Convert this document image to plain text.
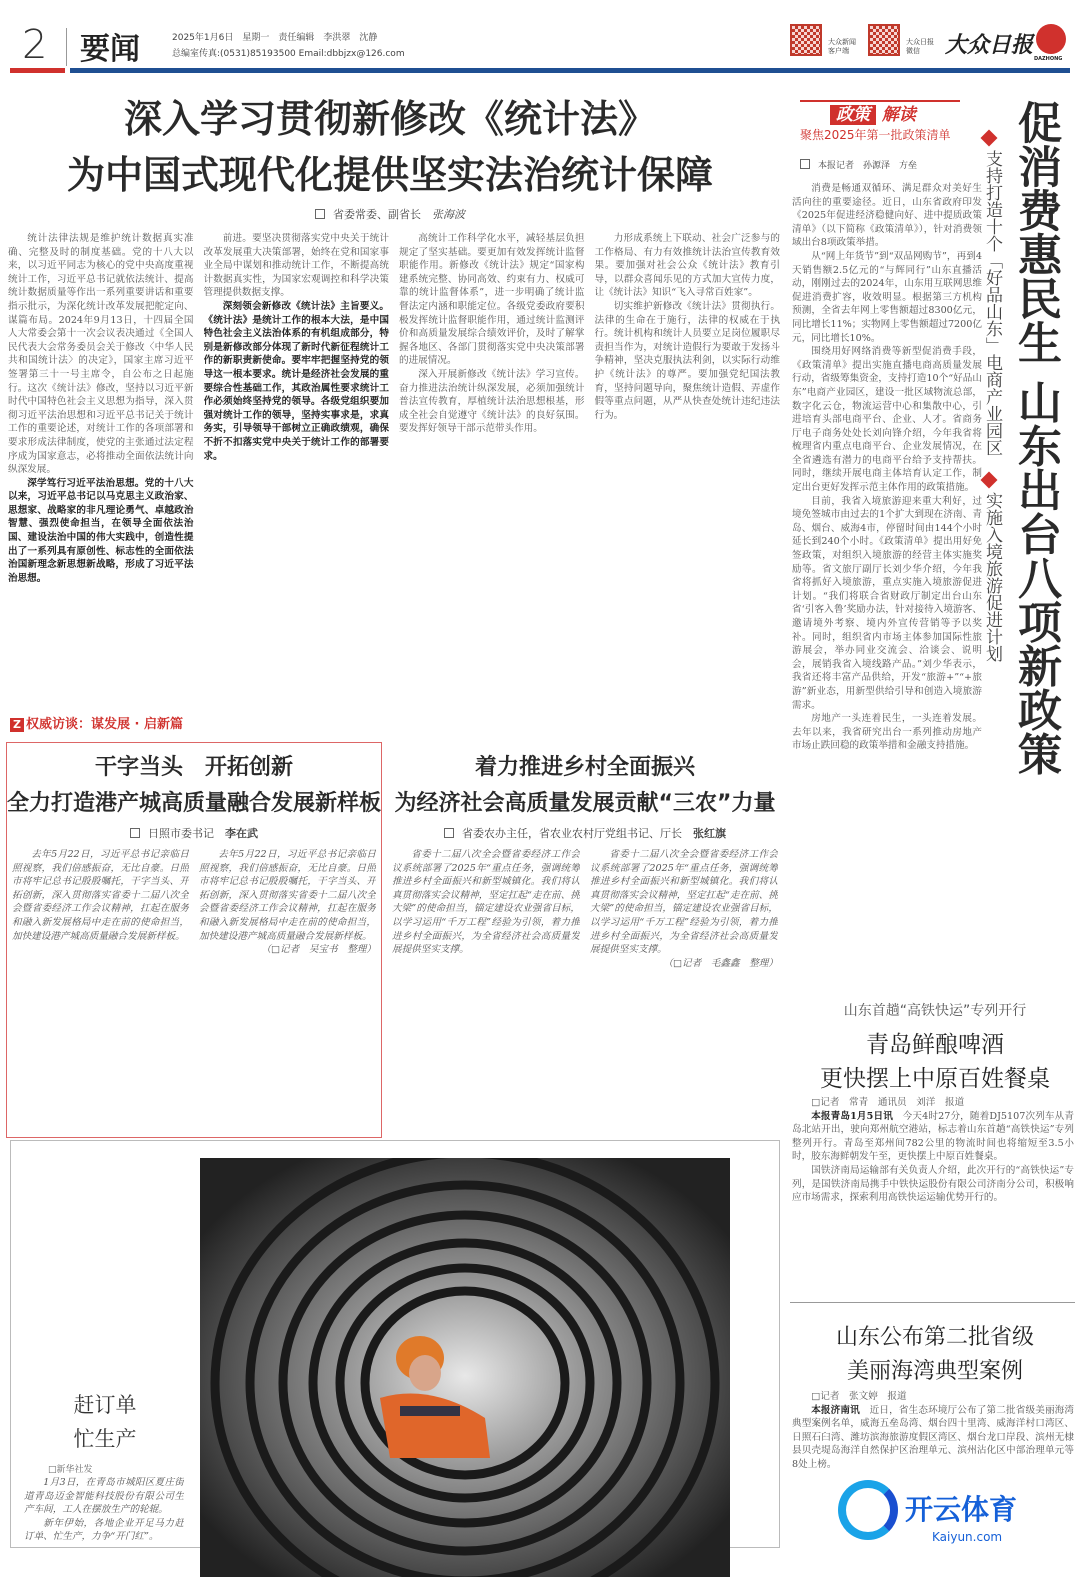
2 要闻	2025年1月6日　星期一　责任编辑　李洪翠　沈静
总编室传真:(0531)85193500 Email:dbbjzx@126.com
大众新闻客户端
大众日报微信	大众日报
DAZHONG
深入学习贯彻新修改《统计法》
为中国式现代化提供坚实法治统计保障
省委常委、副省长　 张海波

统计法律法规是维护统计数据真实准确、完整及时的制度基础。党的十八大以来，以习近平同志为核心的党中央高度重视统计工作，习近平总书记就依法统计、提高统计数据质量等作出一系列重要讲话和重要指示批示，为深化统计改革发展把舵定向、谋篇布局。2024年9月13日，十四届全国人大常委会第十一次会议表决通过《全国人民代表大会常务委员会关于修改〈中华人民共和国统计法〉的决定》，国家主席习近平签署第三十一号主席令，自公布之日起施行。这次《统计法》修改，坚持以习近平新时代中国特色社会主义思想为指导，深入贯彻习近平法治思想和习近平总书记关于统计工作的重要论述，对统计工作的各项部署和要求形成法律制度，使党的主张通过法定程序成为国家意志，必将推动全面依法统计向纵深发展。

深学笃行习近平法治思想。党的十八大以来，习近平总书记以马克思主义政治家、思想家、战略家的非凡理论勇气、卓越政治智慧、强烈使命担当，在领导全面依法治国、建设法治中国的伟大实践中，创造性提出了一系列具有原创性、标志性的全面依法治国新理念新思想新战略，形成了习近平法治思想。

前进。要坚决贯彻落实党中央关于统计改革发展重大决策部署，始终在党和国家事业全局中谋划和推动统计工作，不断提高统计数据真实性，为国家宏观调控和科学决策管理提供数据支撑。

深刻领会新修改《统计法》主旨要义。《统计法》是统计工作的根本大法，是中国特色社会主义法治体系的有机组成部分，特别是新修改部分体现了新时代新征程统计工作的新职责新使命。要牢牢把握坚持党的领导这一根本要求。统计是经济社会发展的重要综合性基础工作，其政治属性要求统计工作必须始终坚持党的领导。各级党组织要加强对统计工作的领导，坚持实事求是，求真务实，引导领导干部树立正确政绩观，确保不折不扣落实党中央关于统计工作的部署要求。

高统计工作科学化水平，减轻基层负担规定了坚实基础。要更加有效发挥统计监督职能作用。新修改《统计法》规定“国家构建系统完整、协同高效、约束有力、权威可靠的统计监督体系”，进一步明确了统计监督法定内涵和职能定位。各级党委政府要积极发挥统计监督职能作用，通过统计监测评价和高质量发展综合绩效评价，及时了解掌握各地区、各部门贯彻落实党中央决策部署的进展情况。

深入开展新修改《统计法》学习宣传。奋力推进法治统计纵深发展，必须加强统计普法宣传教育，厚植统计法治思想根基，形成全社会自觉遵守《统计法》的良好氛围。要发挥好领导干部示范带头作用。

力形成系统上下联动、社会广泛参与的工作格局、有力有效推统计法治宣传教育效果。要加强对社会公众《统计法》教育引导，以群众喜闻乐见的方式加大宣传力度，让《统计法》知识“飞入寻常百姓家”。

切实维护新修改《统计法》贯彻执行。法律的生命在于施行，法律的权威在于执行。统计机构和统计人员要立足岗位履职尽责担当作为，对统计造假行为要敢于发扬斗争精神，坚决克服执法利剑，以实际行动维护《统计法》的尊严。要加强党纪国法教育，坚持问题导向，聚焦统计造假、弄虚作假等重点问题，从严从快查处统计违纪违法行为。

政策 解读
聚焦2025年第一批政策清单
本报记者　孙源泽　方垒

消费是畅通双循环、满足群众对美好生活向往的重要途径。近日，山东省政府印发《2025年促进经济稳健向好、进中提质政策清单》（以下简称《政策清单》），针对消费领域出台8项政策举措。

从“网上年货节”到“双品网购节”，再到4天销售额2.5亿元的“与辉同行”山东直播活动，刚刚过去的2024年，山东用互联网思维促进消费扩容，收效明显。根据第三方机构预测，全省去年网上零售额超过8300亿元，同比增长11%；实物网上零售额超过7200亿元，同比增长10%。

围绕用好网络消费等新型促消费手段，《政策清单》提出实施直播电商高质量发展行动，省级筹集资金，支持打造10个“好品山东”电商产业园区，建设一批区域物流总部，数字化云仓，物流运营中心和集散中心，引进培育头部电商平台、企业、人才。省商务厅电子商务处处长刘向锋介绍，今年我省将梳理省内重点电商平台、企业发展情况，在全省遴选有潜力的电商平台给予支持帮扶。同时，继续开展电商主体培育认定工作，制定出台更好发挥示范主体作用的政策措施。

目前，我省入境旅游迎来重大利好，过境免签城市由过去的1个扩大到现在济南、青岛、烟台、威海4市，停留时间由144个小时延长到240个小时。《政策清单》提出用好免签政策，对组织入境旅游的经营主体实施奖励等。省文旅厅副厅长刘少华介绍，今年我省将抓好入境旅游，重点实施入境旅游促进计划。“我们将联合省财政厅制定出台山东省‘引客入鲁’奖励办法，针对接待入境游客、邀请境外考察、境内外宣传营销等予以奖补。同时，组织省内市场主体参加国际性旅游展会，举办同业交流会、洽谈会、说明会，展销我省入境线路产品。”刘少华表示，我省还将丰富产品供给，开发“旅游+”“+旅游”新业态，用新型供给引导和创造入境旅游需求。

房地产一头连着民生，一头连着发展。去年以来，我省研究出台一系列推动房地产市场止跌回稳的政策举措和金融支持措施。

支持打造十个「好品山东」电商产业园区
实施入境旅游促进计划 促消费惠民生 山东出台八项新政策
Z 权威访谈：谋发展 · 启新篇
干字当头　开拓创新
全力打造港产城高质量融合发展新样板
日照市委书记　 李在武

去年5月22日，习近平总书记亲临日照视察，我们倍感振奋，无比自豪。日照市将牢记总书记殷殷嘱托，干字当头、开拓创新，深入贯彻落实省委十二届八次全会暨省委经济工作会议精神，扛起在服务和融入新发展格局中走在前的使命担当，加快建设港产城高质量融合发展新样板。

去年5月22日，习近平总书记亲临日照视察，我们倍感振奋，无比自豪。日照市将牢记总书记殷殷嘱托，干字当头、开拓创新，深入贯彻落实省委十二届八次全会暨省委经济工作会议精神，扛起在服务和融入新发展格局中走在前的使命担当，加快建设港产城高质量融合发展新样板。

（□记者　吴宝书　整理）

着力推进乡村全面振兴
为经济社会高质量发展贡献“三农”力量
省委农办主任，省农业农村厅党组书记、厅长　 张红旗

省委十二届八次全会暨省委经济工作会议系统部署了2025年“重点任务，强调统筹推进乡村全面振兴和新型城镇化。我们将认真贯彻落实会议精神，坚定扛起“走在前、挑大梁”的使命担当，锚定建设农业强省目标，以学习运用“千万工程”经验为引领，着力推进乡村全面振兴，为全省经济社会高质量发展提供坚实支撑。

省委十二届八次全会暨省委经济工作会议系统部署了2025年“重点任务，强调统筹推进乡村全面振兴和新型城镇化。我们将认真贯彻落实会议精神，坚定扛起“走在前、挑大梁”的使命担当，锚定建设农业强省目标，以学习运用“千万工程”经验为引领，着力推进乡村全面振兴，为全省经济社会高质量发展提供坚实支撑。

（□记者　毛鑫鑫　整理）

赶订单
忙生产
□新华社发

1月3日，在青岛市城阳区夏庄街道青岛迈金智能科技股份有限公司生产车间，工人在摆放生产的轮辊。

新年伊始，各地企业开足马力赶订单、忙生产，力争“开门红”。

山东首趟“高铁快运”专列开行
青岛鲜酿啤酒
更快摆上中原百姓餐桌
□记者　常青　通讯员　刘洋　报道

本报青岛1月5日讯　 今天4时27分，随着DJ5107次列车从青岛北站开出，驶向郑州航空港站，标志着山东首趟“高铁快运”专列整列开行。青岛至郑州间782公里的物流时间也将缩短至3.5小时，胶东海鲜朝发午至，更快摆上中原百姓餐桌。

国铁济南局运输部有关负责人介绍，此次开行的“高铁快运”专列，是国铁济南局携手中铁快运股份有限公司济南分公司，积极响应市场需求，探索利用高铁快运运输优势开行的。

山东公布第二批省级
美丽海湾典型案例
□记者　张文婷　报道

本报济南讯　 近日，省生态环境厅公布了第二批省级美丽海湾典型案例名单，威海五垒岛湾、烟台四十里湾、威海洋村口湾区、日照石臼湾、潍坊滨海旅游度假区湾区、烟台龙口岸段、滨州无棣县贝壳堤岛海洋自然保护区治理单元、滨州沾化区中部治理单元等8处上榜。

开云体育
Kaiyun.com
